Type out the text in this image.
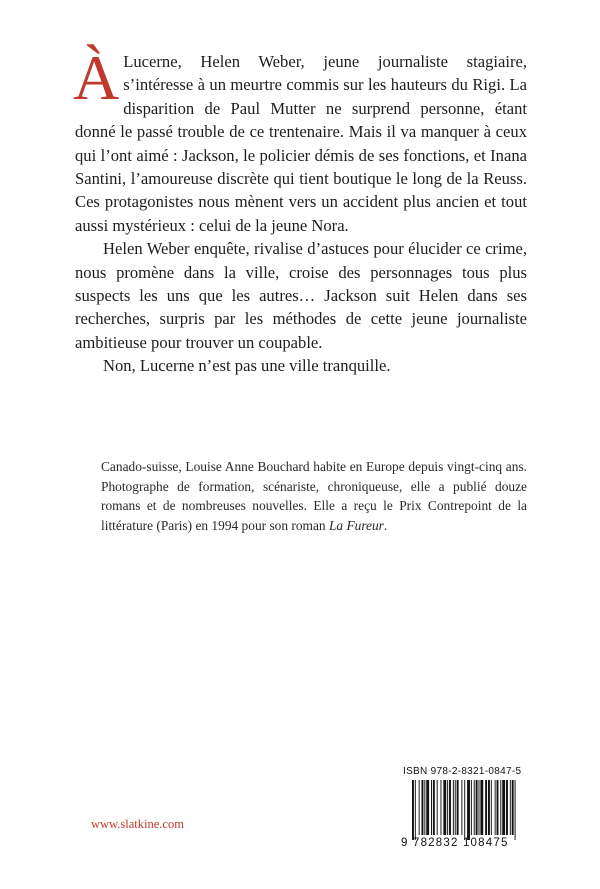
À Lucerne, Helen Weber, jeune journaliste stagiaire, s’intéresse à un meurtre commis sur les hauteurs du Rigi. La disparition de Paul Mutter ne surprend personne, étant donné le passé trouble de ce trentenaire. Mais il va manquer à ceux qui l’ont aimé : Jackson, le policier démis de ses fonctions, et Inana Santini, l’amoureuse discrète qui tient boutique le long de la Reuss. Ces protagonistes nous mènent vers un accident plus ancien et tout aussi mystérieux : celui de la jeune Nora.

Helen Weber enquête, rivalise d’astuces pour élucider ce crime, nous promène dans la ville, croise des personnages tous plus suspects les uns que les autres… Jackson suit Helen dans ses recherches, surpris par les méthodes de cette jeune journaliste ambitieuse pour trouver un coupable.

Non, Lucerne n’est pas une ville tranquille.

Canado-suisse, Louise Anne Bouchard habite en Europe depuis vingt-cinq ans. Photographe de formation, scénariste, chroniqueuse, elle a publié douze romans et de nombreuses nouvelles. Elle a reçu le Prix Contrepoint de la littérature (Paris) en 1994 pour son roman La Fureur.

ISBN 978-2-8321-0847-5
9 782832 108475
www.slatkine.com
